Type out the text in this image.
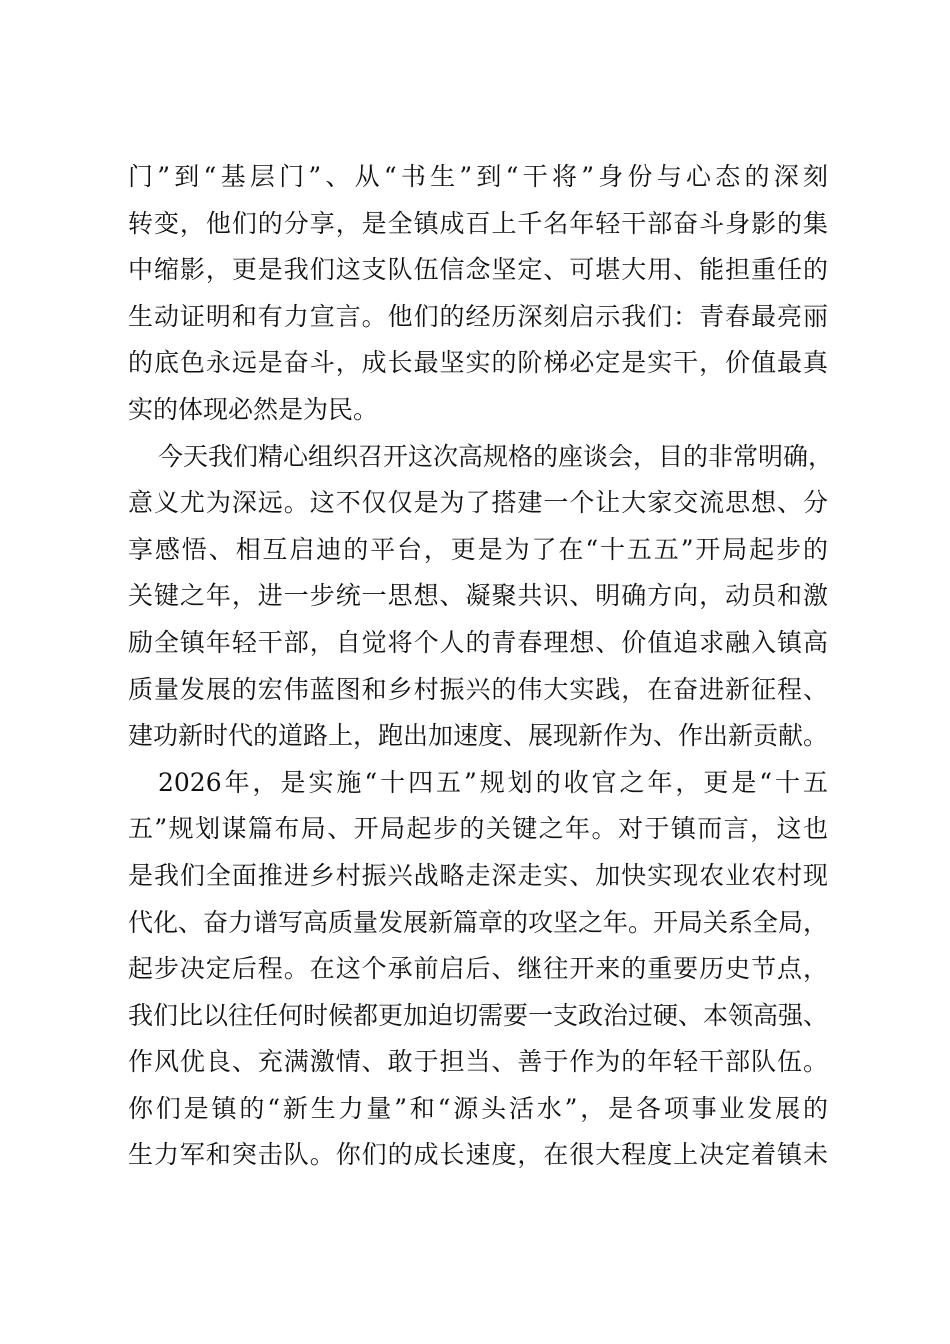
门”到“基层门”、从“书生”到“干将”身份与心态的深刻
转变，他们的分享，是全镇成百上千名年轻干部奋斗身影的集
中缩影，更是我们这支队伍信念坚定、可堪大用、能担重任的
生动证明和有力宣言。他们的经历深刻启示我们：青春最亮丽
的底色永远是奋斗，成长最坚实的阶梯必定是实干，价值最真
实的体现必然是为民。
今天我们精心组织召开这次高规格的座谈会，目的非常明确，
意义尤为深远。这不仅仅是为了搭建一个让大家交流思想、分
享感悟、相互启迪的平台，更是为了在“十五五”开局起步的
关键之年，进一步统一思想、凝聚共识、明确方向，动员和激
励全镇年轻干部，自觉将个人的青春理想、价值追求融入镇高
质量发展的宏伟蓝图和乡村振兴的伟大实践，在奋进新征程、
建功新时代的道路上，跑出加速度、展现新作为、作出新贡献。
2026年，是实施“十四五”规划的收官之年，更是“十五
五”规划谋篇布局、开局起步的关键之年。对于镇而言，这也
是我们全面推进乡村振兴战略走深走实、加快实现农业农村现
代化、奋力谱写高质量发展新篇章的攻坚之年。开局关系全局，
起步决定后程。在这个承前启后、继往开来的重要历史节点，
我们比以往任何时候都更加迫切需要一支政治过硬、本领高强、
作风优良、充满激情、敢于担当、善于作为的年轻干部队伍。
你们是镇的“新生力量”和“源头活水”，是各项事业发展的
生力军和突击队。你们的成长速度，在很大程度上决定着镇未
